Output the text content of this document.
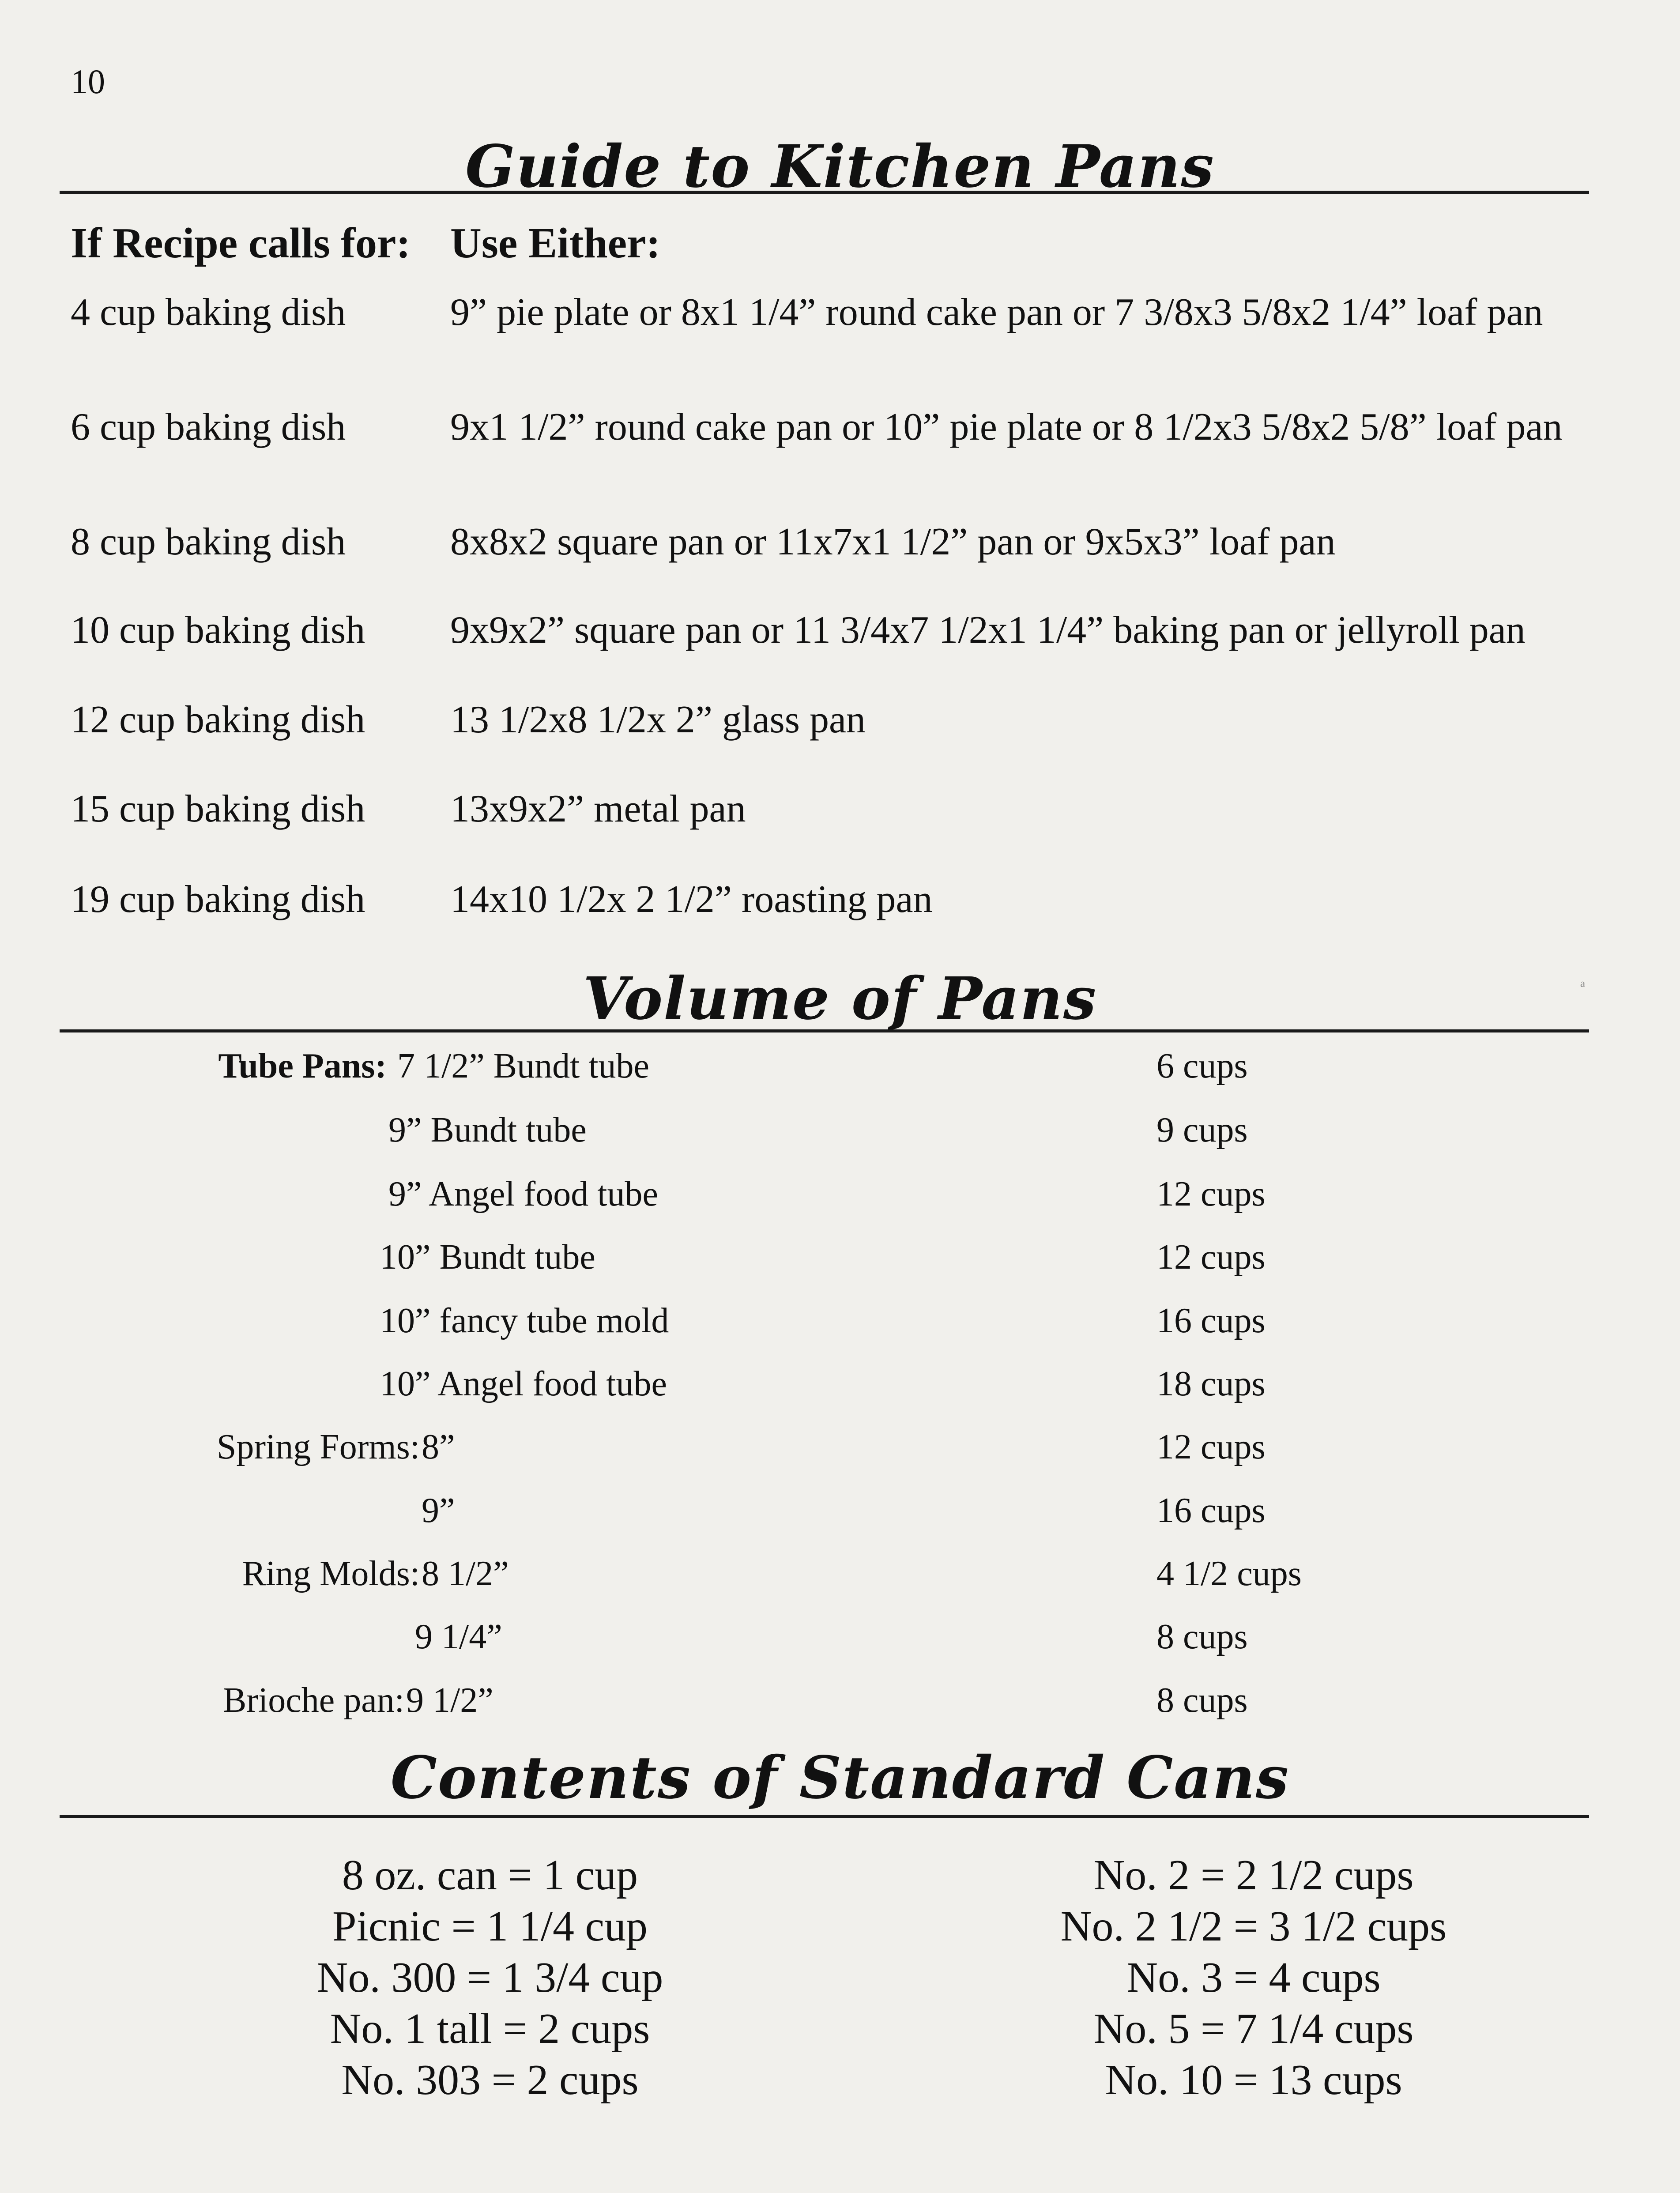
10
Guide to Kitchen Pans
If Recipe calls for: Use Either:
4 cup baking dish	9” pie plate or 8x1 1/4” round cake pan or 7 3/8x3 5/8x2 1/4” loaf pan
6 cup baking dish	9x1 1/2” round cake pan or 10” pie plate or 8 1/2x3 5/8x2 5/8” loaf pan
8 cup baking dish	8x8x2 square pan or 11x7x1 1/2” pan or 9x5x3” loaf pan
10 cup baking dish 9x9x2” square pan or 11 3/4x7 1/2x1 1/4” baking pan or jellyroll pan
12 cup baking dish 13 1/2x8 1/2x 2” glass pan
15 cup baking dish 13x9x2” metal pan
19 cup baking dish 14x10 1/2x 2 1/2” roasting pan
Volume of Pans	ᵃ
Tube Pans: 7 1/2” Bundt tube	6 cups
9” Bundt tube	9 cups
9” Angel food tube	12 cups
10” Bundt tube	12 cups
10” fancy tube mold	16 cups
10” Angel food tube	18 cups
Spring Forms: 8”	12 cups
9”	16 cups
Ring Molds: 8 1/2”	4 1/2 cups
9 1/4”	8 cups
Brioche pan: 9 1/2”	8 cups
Contents of Standard Cans
8 oz. can = 1 cup
Picnic = 1 1/4 cup
No. 300 = 1 3/4 cup
No. 1 tall = 2 cups
No. 303 = 2 cups
No. 2 = 2 1/2 cups
No. 2 1/2 = 3 1/2 cups
No. 3 = 4 cups
No. 5 = 7 1/4 cups
No. 10 = 13 cups
